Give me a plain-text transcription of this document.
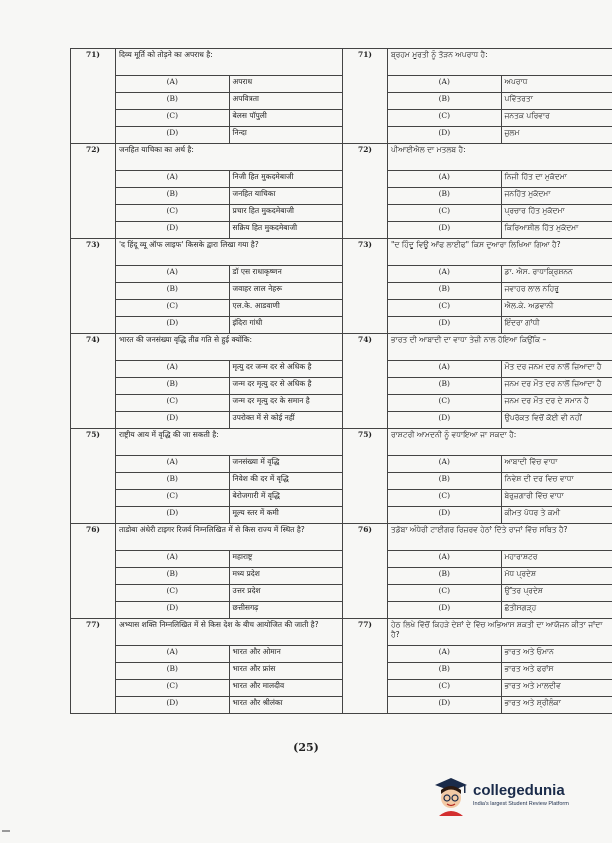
71)	दिव्य मूर्ति को तोड़ने का अपराध है:		71)	ਬ੍ਰਹਮ ਮੂਰਤੀ ਨੂੰ ਤੋੜਨ ਅਪਰਾਧ ਹੈ:	
	(A)	अपराध		(A)	ਅਪਰਾਧ
	(B)	अपवित्रता		(B)	ਪਵਿੱਤਰਤਾ
	(C)	बेलस पॉपुली		(C)	ਜਨਤਕ ਪਰਿਵਾਰ
	(D)	निन्दा		(D)	ਜ਼ੁਲਮ
72)	जनहित याचिका का अर्थ है:		72)	ਪੀਆਈਐਲ ਦਾ ਮਤਲਬ ਹੈ:	
	(A)	निजी हित मुकदमेबाजी		(A)	ਨਿਜੀ ਹਿੱਤ ਦਾ ਮੁਕੱਦਮਾ
	(B)	जनहित याचिका		(B)	ਜਨਹਿੱਤ ਮੁਕੱਦਮਾ
	(C)	प्रचार हित मुकदमेबाजी		(C)	ਪ੍ਰਚਾਰ ਹਿੱਤ ਮੁਕੱਦਮਾ
	(D)	सक्रिय हित मुकदमेबाजी		(D)	ਕਿਰਿਆਸ਼ੀਲ ਹਿੱਤ ਮੁਕੱਦਮਾ
73)	'द हिंदू व्यू ऑफ लाइफ' किसके द्वारा लिखा गया है?		73)	"ਦ ਹਿੰਦੂ ਵਿਊ ਆੱਫ ਲਾਈਫ" ਕਿਸ ਦੁਆਰਾ ਲਿਖਿਆ ਗਿਆ ਹੈ?	
	(A)	डॉ एस राधाकृष्णन		(A)	ਡਾ. ਐਸ. ਰਾਧਾਕ੍ਰਿਸ਼ਨਨ
	(B)	जवाहर लाल नेहरू		(B)	ਜਵਾਹਰ ਲਾਲ ਨਹਿਰੂ
	(C)	एल.के. आडवाणी		(C)	ਐਲ.ਕੇ. ਅਡਵਾਨੀ
	(D)	इंदिरा गांधी		(D)	ਇੰਦਰਾ ਗਾਂਧੀ
74)	भारत की जनसंख्या वृद्धि तीव्र गति से हुई क्योंकि:		74)	ਭਾਰਤ ਦੀ ਆਬਾਦੀ ਦਾ ਵਾਧਾ ਤੇਜ਼ੀ ਨਾਲ ਹੋਇਆ ਕਿਉਂਕਿ –	
	(A)	मृत्यु दर जन्म दर से अधिक है		(A)	ਮੌਤ ਦਰ ਜਨਮ ਦਰ ਨਾਲੋਂ ਜ਼ਿਆਦਾ ਹੈ
	(B)	जन्म दर मृत्यु दर से अधिक है		(B)	ਜਨਮ ਦਰ ਮੌਤ ਦਰ ਨਾਲੋਂ ਜ਼ਿਆਦਾ ਹੈ
	(C)	जन्म दर मृत्यु दर के समान है		(C)	ਜਨਮ ਦਰ ਮੌਤ ਦਰ ਦੇ ਸਮਾਨ ਹੈ
	(D)	उपरोक्त में से कोई नहीं		(D)	ਉਪਰੋਕਤ ਵਿਚੋਂ ਕੋਈ ਵੀ ਨਹੀਂ
75)	राष्ट्रीय आय में वृद्धि की जा सकती है:		75)	ਰਾਸ਼ਟਰੀ ਆਮਦਨੀ ਨੂੰ ਵਧਾਇਆ ਜਾ ਸਕਦਾ ਹੈ:	
	(A)	जनसंख्या में वृद्धि		(A)	ਆਬਾਦੀ ਵਿੱਚ ਵਾਧਾ
	(B)	निवेश की दर में वृद्धि		(B)	ਨਿਵੇਸ਼ ਦੀ ਦਰ ਵਿਚ ਵਾਧਾ
	(C)	बेरोजगारी में वृद्धि		(C)	ਬੇਰੁਜ਼ਗਾਰੀ ਵਿੱਚ ਵਾਧਾ
	(D)	मूल्य स्तर में कमी		(D)	ਕੀਮਤ ਪੱਧਰ ਤੇ ਕਮੀ
76)	ताडोबा अंधेरी टाइगर रिजर्व निम्नलिखित में से किस राज्य में स्थित है?		76)	ਤਡੋਬਾ ਅੰਧੇਰੀ ਟਾਈਗਰ ਰਿਜ਼ਰਵ ਹੇਠਾਂ ਦਿੱਤੇ ਰਾਜਾਂ ਵਿੱਚ ਸਥਿਤ ਹੈ?	
	(A)	महाराष्ट्र		(A)	ਮਹਾਰਾਸ਼ਟਰ
	(B)	मध्य प्रदेश		(B)	ਮੱਧ ਪ੍ਰਦੇਸ਼
	(C)	उत्तर प्रदेश		(C)	ਉੱਤਰ ਪ੍ਰਦੇਸ਼
	(D)	छत्तीसगढ़		(D)	ਛੱਤੀਸਗੜ੍ਹ
77)	अभ्यास शक्ति निम्नलिखित में से किस देश के बीच आयोजित की जाती है?		77)	ਹੇਠ ਲਿਖੇ ਵਿੱਚੋਂ ਕਿਹੜੇ ਦੇਸ਼ਾਂ ਦੇ ਵਿੱਚ ਅਭਿਆਸ ਸ਼ਕਤੀ ਦਾ ਆਯੋਜਨ ਕੀਤਾ ਜਾਂਦਾ ਹੈ?	
	(A)	भारत और ओमान		(A)	ਭਾਰਤ ਅਤੇ ਓਮਾਨ
	(B)	भारत और फ्रांस		(B)	ਭਾਰਤ ਅਤੇ ਫਰਾਂਸ
	(C)	भारत और मालदीव		(C)	ਭਾਰਤ ਅਤੇ ਮਾਲਦੀਵ
	(D)	भारत और श्रीलंका		(D)	ਭਾਰਤ ਅਤੇ ਸ਼੍ਰੀਲੰਕਾ
(25)
collegedunia
India's largest Student Review Platform
